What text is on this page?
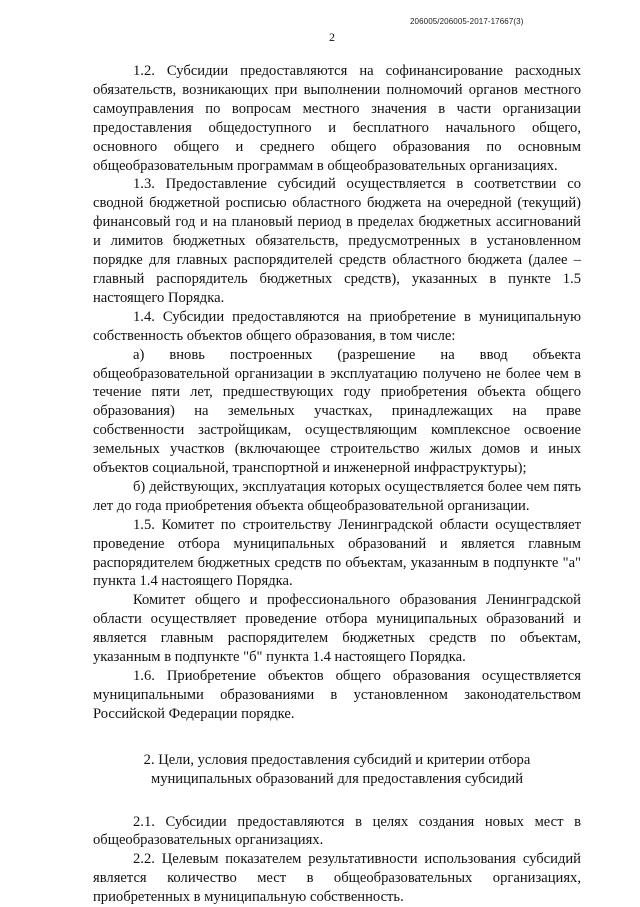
206005/206005-2017-17667(3)
2

1.2. Субсидии предоставляются на софинансирование расходных обязательств, возникающих при выполнении полномочий органов местного самоуправления по вопросам местного значения в части организации предоставления общедоступного и бесплатного начального общего, основного общего и среднего общего образования по основным общеобразовательным программам в общеобразовательных организациях.

1.3. Предоставление субсидий осуществляется в соответствии со сводной бюджетной росписью областного бюджета на очередной (текущий) финансовый год и на плановый период в пределах бюджетных ассигнований и лимитов бюджетных обязательств, предусмотренных в установленном порядке для главных распорядителей средств областного бюджета (далее – главный распорядитель бюджетных средств), указанных в пункте 1.5 настоящего Порядка.

1.4. Субсидии предоставляются на приобретение в муниципальную собственность объектов общего образования, в том числе:

а) вновь построенных (разрешение на ввод объекта общеобразовательной организации в эксплуатацию получено не более чем в течение пяти лет, предшествующих году приобретения объекта общего образования) на земельных участках, принадлежащих на праве собственности застройщикам, осуществляющим комплексное освоение земельных участков (включающее строительство жилых домов и иных объектов социальной, транспортной и инженерной инфраструктуры);

б) действующих, эксплуатация которых осуществляется более чем пять лет до года приобретения объекта общеобразовательной организации.

1.5. Комитет по строительству Ленинградской области осуществляет проведение отбора муниципальных образований и является главным распорядителем бюджетных средств по объектам, указанным в подпункте "а" пункта 1.4 настоящего Порядка.

Комитет общего и профессионального образования Ленинградской области осуществляет проведение отбора муниципальных образований и является главным распорядителем бюджетных средств по объектам, указанным в подпункте "б" пункта 1.4 настоящего Порядка.

1.6. Приобретение объектов общего образования осуществляется муниципальными образованиями в установленном законодательством Российской Федерации порядке.

2. Цели, условия предоставления субсидий и критерии отбора

муниципальных образований для предоставления субсидий

2.1. Субсидии предоставляются в целях создания новых мест в общеобразовательных организациях.

2.2. Целевым показателем результативности использования субсидий является количество мест в общеобразовательных организациях, приобретенных в муниципальную собственность.
